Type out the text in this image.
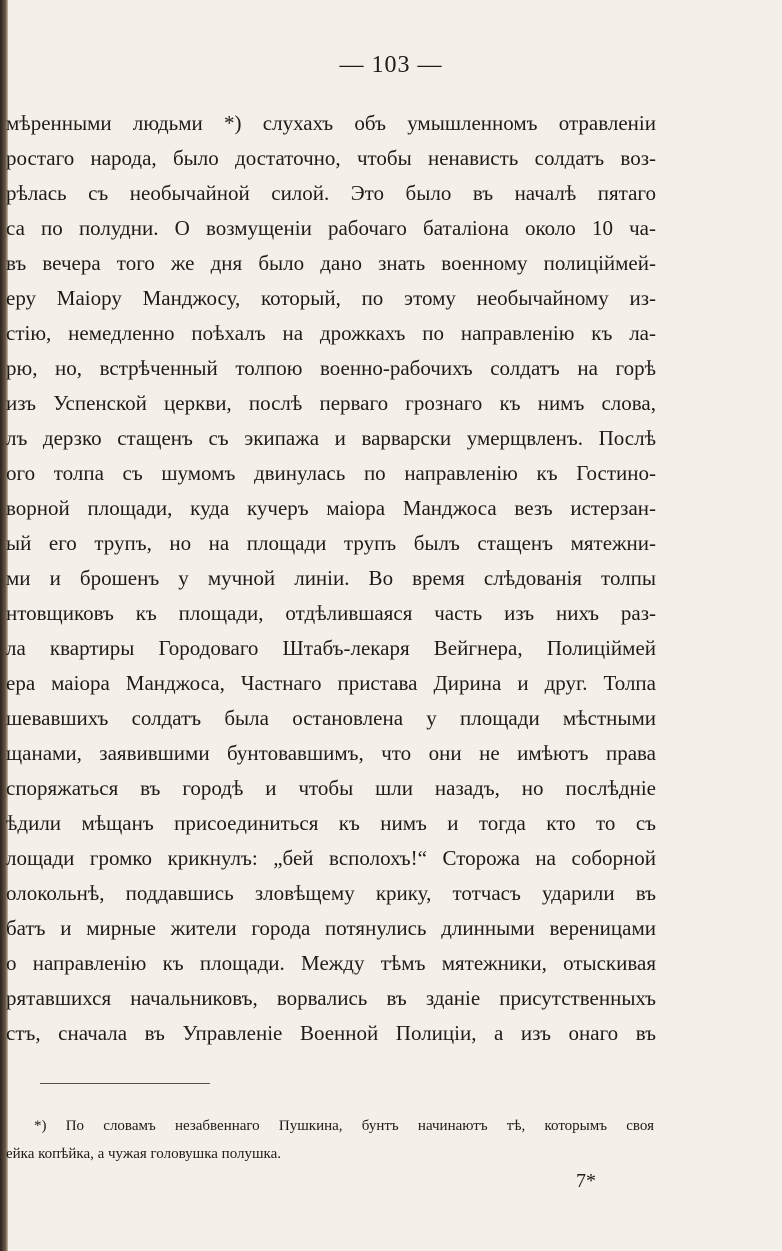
— 103 —
мѣренными людьми *) слухахъ объ умышленномъ отравленіи
ростаго народа, было достаточно, чтобы ненависть солдатъ воз-
рѣлась съ необычайной силой. Это было въ началѣ пятаго
са по полудни. О возмущеніи рабочаго баталіона около 10 ча-
въ вечера того же дня было дано знать военному полицiймей-
еру Маіору Манджосу, который, по этому необычайному из-
стію, немедленно поѣхалъ на дрожкахъ по направленію къ ла-
рю, но, встрѣченный толпою военно-рабочихъ солдатъ на горѣ
изъ Успенской церкви, послѣ перваго грознаго къ нимъ слова,
лъ дерзко стащенъ съ экипажа и варварски умерщвленъ. Послѣ
ого толпа съ шумомъ двинулась по направленію къ Гостино-
ворной площади, куда кучеръ маіора Манджоса везъ истерзан-
ый его трупъ, но на площади трупъ былъ стащенъ мятежни-
ми и брошенъ у мучной линіи. Во время слѣдованія толпы
нтовщиковъ къ площади, отдѣлившаяся часть изъ нихъ раз-
ла квартиры Городоваго Штабъ-лекаря Вейгнера, Полицiймей
ера маіора Манджоса, Частнаго пристава Дирина и друг. Толпа
шевавшихъ солдатъ была остановлена у площади мѣстными
щанами, заявившими бунтовавшимъ, что они не имѣютъ права
споряжаться въ городѣ и чтобы шли назадъ, но послѣдніе
ѣдили мѣщанъ присоединиться къ нимъ и тогда кто то съ
лощади громко крикнулъ: „бей всполохъ!“ Сторожа на соборной
олокольнѣ, поддавшись зловѣщему крику, тотчасъ ударили въ
батъ и мирные жители города потянулись длинными вереницами
о направленію къ площади. Между тѣмъ мятежники, отыскивая
рятавшихся начальниковъ, ворвались въ зданіе присутственныхъ
стъ, сначала въ Управленіе Военной Полиціи, а изъ онаго въ
*) По словамъ незабвеннаго Пушкина, бунтъ начинаютъ тѣ, которымъ своя
ейка копѣйка, а чужая головушка полушка.
7*
